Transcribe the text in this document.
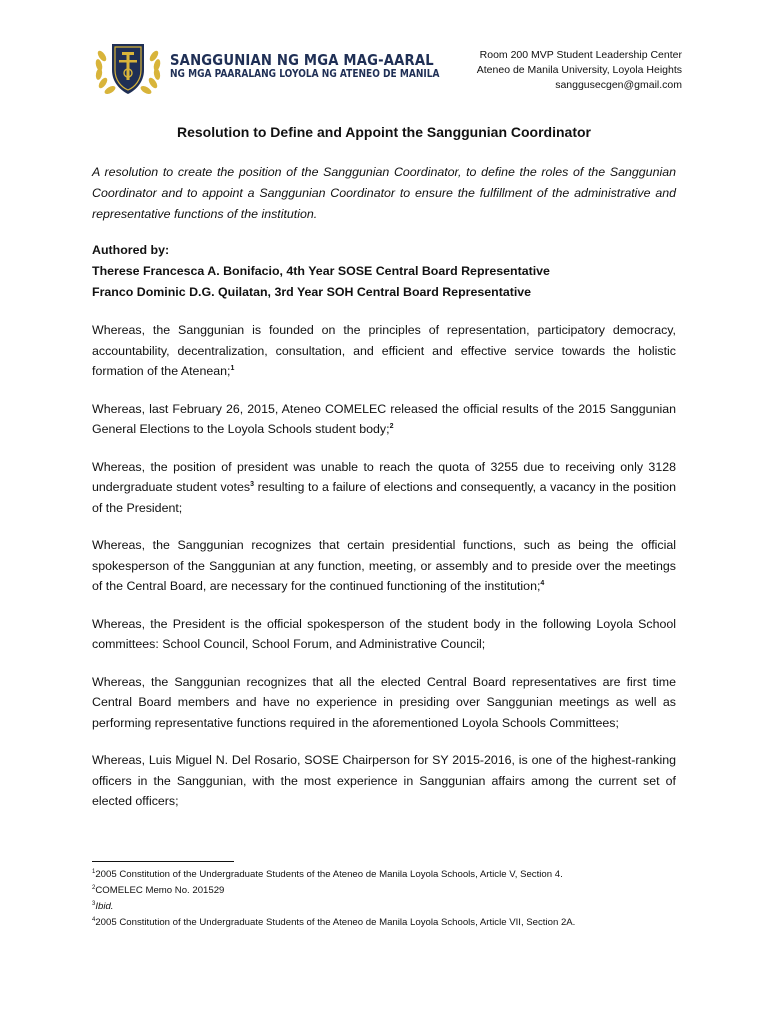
SANGGUNIAN NG MGA MAG-AARAL
NG MGA PAARALANG LOYOLA NG ATENEO DE MANILA
Room 200 MVP Student Leadership Center
Ateneo de Manila University, Loyola Heights
sanggusecgen@gmail.com
Resolution to Define and Appoint the Sanggunian Coordinator

A resolution to create the position of the Sanggunian Coordinator, to define the roles of the Sanggunian Coordinator and to appoint a Sanggunian Coordinator to ensure the fulfillment of the administrative and representative functions of the institution.

Authored by:
Therese Francesca A. Bonifacio, 4th Year SOSE Central Board Representative
Franco Dominic D.G. Quilatan, 3rd Year SOH Central Board Representative

Whereas, the Sanggunian is founded on the principles of representation, participatory democracy, accountability, decentralization, consultation, and efficient and effective service towards the holistic formation of the Atenean;$^1$

Whereas, last February 26, 2015, Ateneo COMELEC released the official results of the 2015 Sanggunian General Elections to the Loyola Schools student body;$^2$

Whereas, the position of president was unable to reach the quota of 3255 due to receiving only 3128 undergraduate student votes$^3$ resulting to a failure of elections and consequently, a vacancy in the position of the President;

Whereas, the Sanggunian recognizes that certain presidential functions, such as being the official spokesperson of the Sanggunian at any function, meeting, or assembly and to preside over the meetings of the Central Board, are necessary for the continued functioning of the institution;$^4$

Whereas, the President is the official spokesperson of the student body in the following Loyola School committees: School Council, School Forum, and Administrative Council;

Whereas, the Sanggunian recognizes that all the elected Central Board representatives are first time Central Board members and have no experience in presiding over Sanggunian meetings as well as performing representative functions required in the aforementioned Loyola Schools Committees;

Whereas, Luis Miguel N. Del Rosario, SOSE Chairperson for SY 2015-2016, is one of the highest-ranking officers in the Sanggunian, with the most experience in Sanggunian affairs among the current set of elected officers;

$^1$2005 Constitution of the Undergraduate Students of the Ateneo de Manila Loyola Schools, Article V, Section 4.
$^2$COMELEC Memo No. 201529
$^3$Ibid.
$^4$2005 Constitution of the Undergraduate Students of the Ateneo de Manila Loyola Schools, Article VII, Section 2A.
